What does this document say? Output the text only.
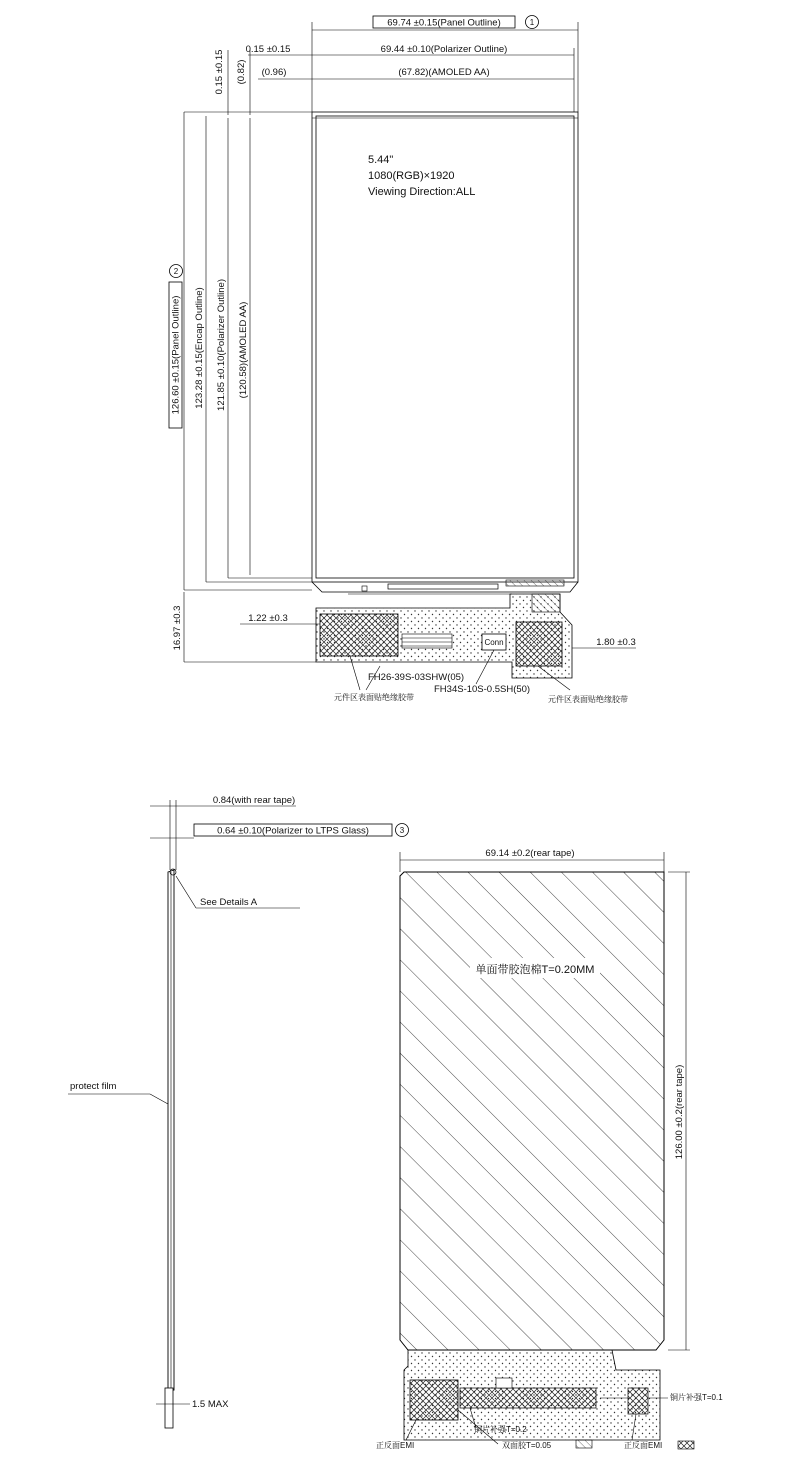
69.74 ±0.15(Panel Outline)	1
69.44 ±0.10(Polarizer Outline)
(67.82)(AMOLED AA)
0.15 ±0.15
(0.96)
0.15 ±0.15 (0.82)
5.44"
1080(RGB)×1920
Viewing Direction:ALL
2
126.60 ±0.15(Panel Outline) 123.28 ±0.15(Encap Outline) 121.85 ±0.10(Polarizer Outline) (120.58)(AMOLED AA)
Conn
16.97 ±0.3	1.22 ±0.3
1.80 ±0.3
FH26-39S-03SHW(05)
FH34S-10S-0.5SH(50)
元件区表面贴绝缘胶带	元件区表面贴绝缘胶带
0.84(with rear tape)
0.64 ±0.10(Polarizer to LTPS Glass)	3
See Details A
protect film
1.5 MAX
69.14 ±0.2(rear tape)
单面带胶泡棉T=0.20MM
126.00 ±0.2(rear tape)
铜片补强T=0.1
铜片补强T=0.2
双面胶T=0.05
正反面EMI	正反面EMI
